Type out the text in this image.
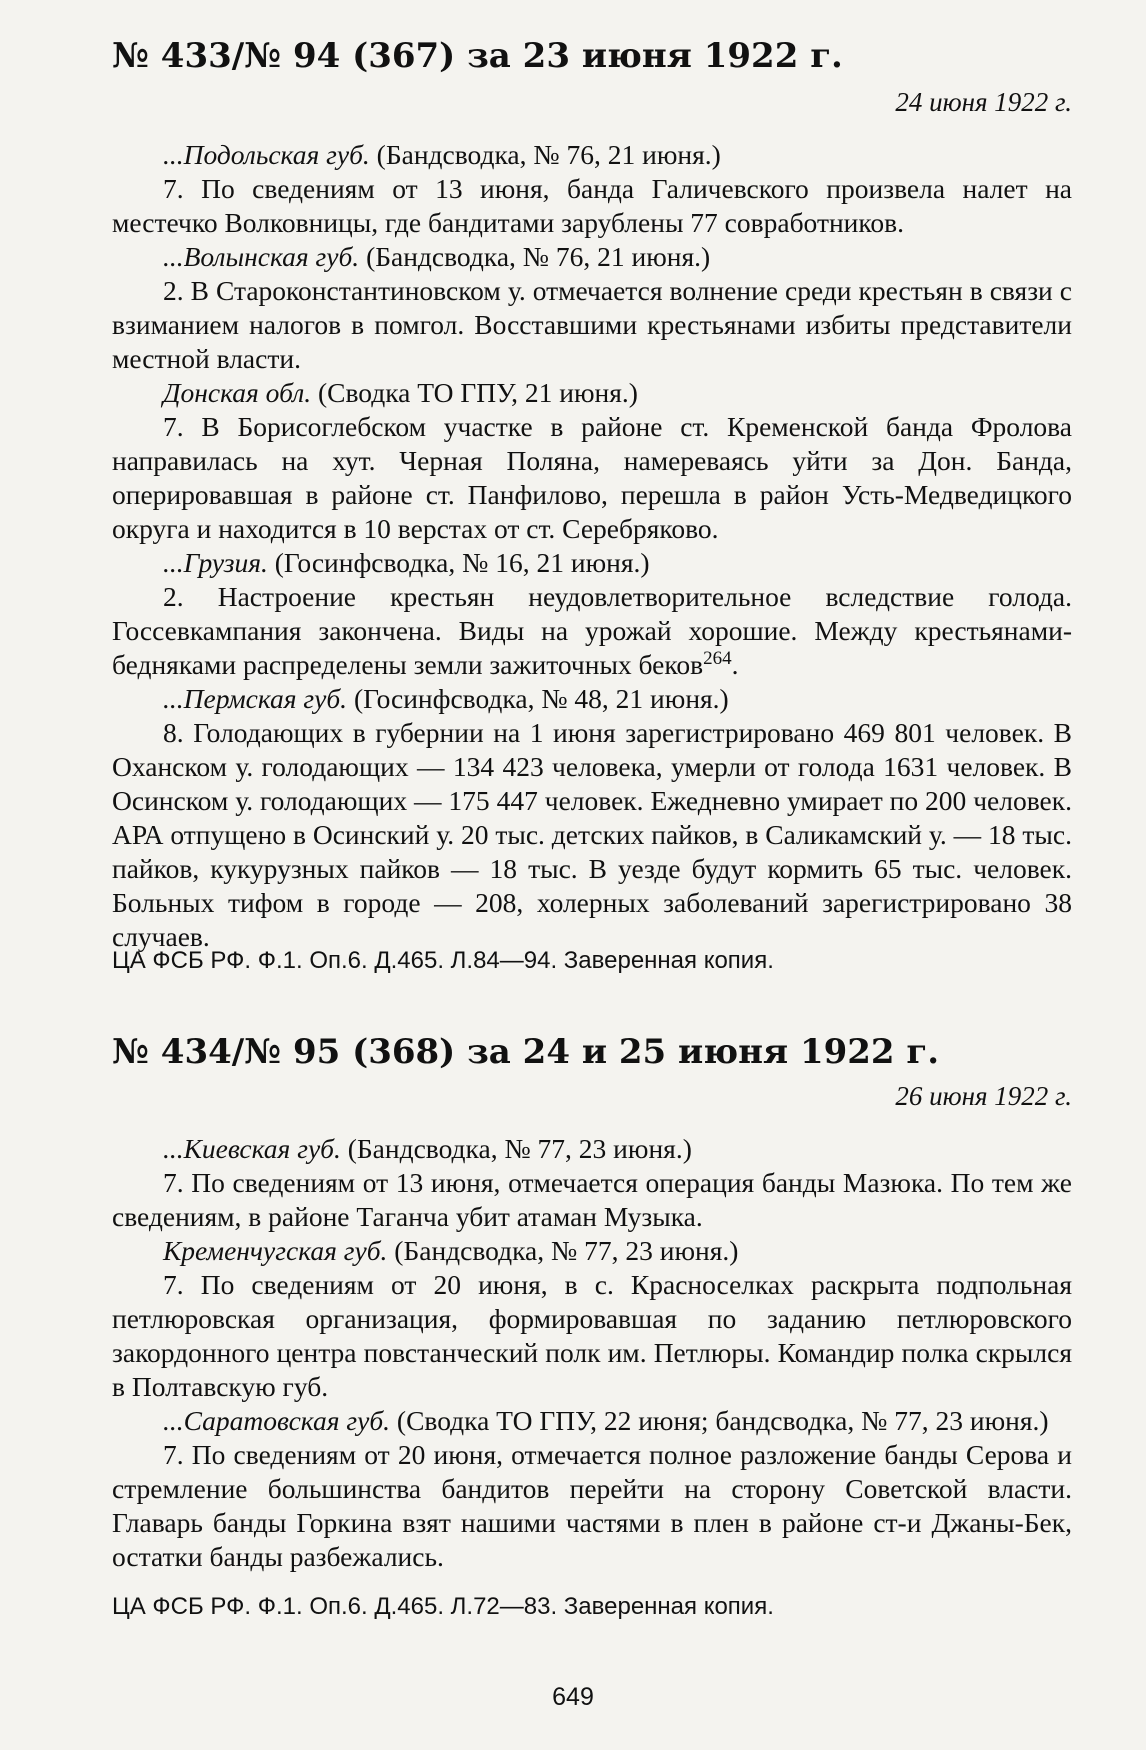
№ 433/№ 94 (367) за 23 июня 1922 г.
24 июня 1922 г.

...Подольская губ. (Бандсводка, № 76, 21 июня.)

7. По сведениям от 13 июня, банда Галичевского произвела налет на местечко Волковницы, где бандитами зарублены 77 совработников.

...Волынская губ. (Бандсводка, № 76, 21 июня.)

2. В Староконстантиновском у. отмечается волнение среди крестьян в связи с взиманием налогов в помгол. Восставшими крестьянами избиты представители местной власти.

Донская обл. (Сводка ТО ГПУ, 21 июня.)

7. В Борисоглебском участке в районе ст. Кременской банда Фролова направилась на хут. Черная Поляна, намереваясь уйти за Дон. Банда, оперировавшая в районе ст. Панфилово, перешла в район Усть-Медведицкого округа и находится в 10 верстах от ст. Серебряково.

...Грузия. (Госинфсводка, № 16, 21 июня.)

2. Настроение крестьян неудовлетворительное вследствие голода. Госсевкампания закончена. Виды на урожай хорошие. Между крестьянами-бедняками распределены земли зажиточных беков$^{264}$.

...Пермская губ. (Госинфсводка, № 48, 21 июня.)

8. Голодающих в губернии на 1 июня зарегистрировано 469 801 человек. В Оханском у. голодающих — 134 423 человека, умерли от голода 1631 человек. В Осинском у. голодающих — 175 447 человек. Ежедневно умирает по 200 человек. АРА отпущено в Осинский у. 20 тыс. детских пайков, в Саликамский у. — 18 тыс. пайков, кукурузных пайков — 18 тыс. В уезде будут кормить 65 тыс. человек. Больных тифом в городе — 208, холерных заболеваний зарегистрировано 38 случаев.

ЦА ФСБ РФ. Ф.1. Оп.6. Д.465. Л.84—94. Заверенная копия.
№ 434/№ 95 (368) за 24 и 25 июня 1922 г.
26 июня 1922 г.

...Киевская губ. (Бандсводка, № 77, 23 июня.)

7. По сведениям от 13 июня, отмечается операция банды Мазюка. По тем же сведениям, в районе Таганча убит атаман Музыка.

Кременчугская губ. (Бандсводка, № 77, 23 июня.)

7. По сведениям от 20 июня, в с. Красноселках раскрыта подпольная петлюровская организация, формировавшая по заданию петлюровского закордонного центра повстанческий полк им. Петлюры. Командир полка скрылся в Полтавскую губ.

...Саратовская губ. (Сводка ТО ГПУ, 22 июня; бандсводка, № 77, 23 июня.)

7. По сведениям от 20 июня, отмечается полное разложение банды Серова и стремление большинства бандитов перейти на сторону Советской власти. Главарь банды Горкина взят нашими частями в плен в районе ст-и Джаны-Бек, остатки банды разбежались.

ЦА ФСБ РФ. Ф.1. Оп.6. Д.465. Л.72—83. Заверенная копия.
649
